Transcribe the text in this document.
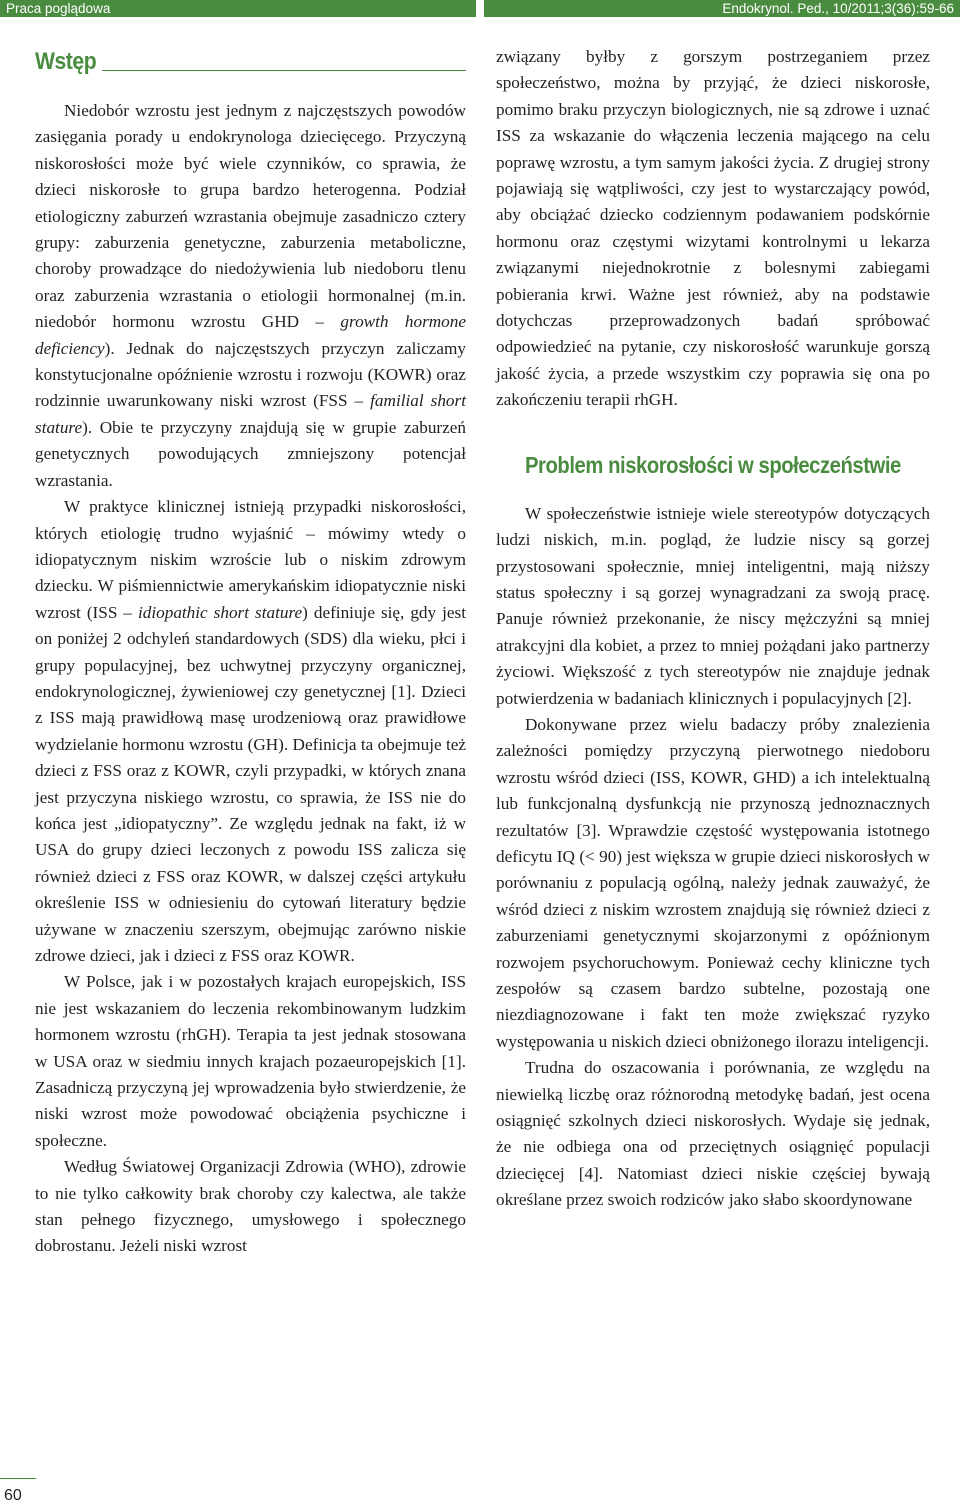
Praca poglądowa	Endokrynol. Ped., 10/2011;3(36):59-66
Wstęp

Niedobór wzrostu jest jednym z najczęstszych powodów zasięgania porady u endokrynologa dziecięcego. Przyczyną niskorosłości może być wiele czynników, co sprawia, że dzieci niskorosłe to grupa bardzo heterogenna. Podział etiologiczny zaburzeń wzrastania obejmuje zasadniczo cztery grupy: zaburzenia genetyczne, zaburzenia metaboliczne, choroby prowadzące do niedożywienia lub niedoboru tlenu oraz zaburzenia wzrastania o etiologii hormonalnej (m.in. niedobór hormonu wzrostu GHD – growth hormone deficiency). Jednak do najczęstszych przyczyn zaliczamy konstytucjonalne opóźnienie wzrostu i rozwoju (KOWR) oraz rodzinnie uwarunkowany niski wzrost (FSS – familial short stature). Obie te przyczyny znajdują się w grupie zaburzeń genetycznych powodujących zmniejszony potencjał wzrastania.

W praktyce klinicznej istnieją przypadki niskorosłości, których etiologię trudno wyjaśnić – mówimy wtedy o idiopatycznym niskim wzroście lub o niskim zdrowym dziecku. W piśmiennictwie amerykańskim idiopatycznie niski wzrost (ISS – idiopathic short stature) definiuje się, gdy jest on poniżej 2 odchyleń standardowych (SDS) dla wieku, płci i grupy populacyjnej, bez uchwytnej przyczyny organicznej, endokrynologicznej, żywieniowej czy genetycznej [1]. Dzieci z ISS mają prawidłową masę urodzeniową oraz prawidłowe wydzielanie hormonu wzrostu (GH). Definicja ta obejmuje też dzieci z FSS oraz z KOWR, czyli przypadki, w których znana jest przyczyna niskiego wzrostu, co sprawia, że ISS nie do końca jest „idiopatyczny”. Ze względu jednak na fakt, iż w USA do grupy dzieci leczonych z powodu ISS zalicza się również dzieci z FSS oraz KOWR, w dalszej części artykułu określenie ISS w odniesieniu do cytowań literatury będzie używane w znaczeniu szerszym, obejmując zarówno niskie zdrowe dzieci, jak i dzieci z FSS oraz KOWR.

W Polsce, jak i w pozostałych krajach europejskich, ISS nie jest wskazaniem do leczenia rekombinowanym ludzkim hormonem wzrostu (rhGH). Terapia ta jest jednak stosowana w USA oraz w siedmiu innych krajach pozaeuropejskich [1]. Zasadniczą przyczyną jej wprowadzenia było stwierdzenie, że niski wzrost może powodować obciążenia psychiczne i społeczne.

Według Światowej Organizacji Zdrowia (WHO), zdrowie to nie tylko całkowity brak choroby czy kalectwa, ale także stan pełnego fizycznego, umysłowego i społecznego dobrostanu. Jeżeli niski wzrost

związany byłby z gorszym postrzeganiem przez społeczeństwo, można by przyjąć, że dzieci niskorosłe, pomimo braku przyczyn biologicznych, nie są zdrowe i uznać ISS za wskazanie do włączenia leczenia mającego na celu poprawę wzrostu, a tym samym jakości życia. Z drugiej strony pojawiają się wątpliwości, czy jest to wystarczający powód, aby obciążać dziecko codziennym podawaniem podskórnie hormonu oraz częstymi wizytami kontrolnymi u lekarza związanymi niejednokrotnie z bolesnymi zabiegami pobierania krwi. Ważne jest również, aby na podstawie dotychczas przeprowadzonych badań spróbować odpowiedzieć na pytanie, czy niskorosłość warunkuje gorszą jakość życia, a przede wszystkim czy poprawia się ona po zakończeniu terapii rhGH.

Problem niskorosłości w społeczeństwie

W społeczeństwie istnieje wiele stereotypów dotyczących ludzi niskich, m.in. pogląd, że ludzie niscy są gorzej przystosowani społecznie, mniej inteligentni, mają niższy status społeczny i są gorzej wynagradzani za swoją pracę. Panuje również przekonanie, że niscy mężczyźni są mniej atrakcyjni dla kobiet, a przez to mniej pożądani jako partnerzy życiowi. Większość z tych stereotypów nie znajduje jednak potwierdzenia w badaniach klinicznych i populacyjnych [2].

Dokonywane przez wielu badaczy próby znalezienia zależności pomiędzy przyczyną pierwotnego niedoboru wzrostu wśród dzieci (ISS, KOWR, GHD) a ich intelektualną lub funkcjonalną dysfunkcją nie przynoszą jednoznacznych rezultatów [3]. Wprawdzie częstość występowania istotnego deficytu IQ (< 90) jest większa w grupie dzieci niskorosłych w porównaniu z populacją ogólną, należy jednak zauważyć, że wśród dzieci z niskim wzrostem znajdują się również dzieci z zaburzeniami genetycznymi skojarzonymi z opóźnionym rozwojem psychoruchowym. Ponieważ cechy kliniczne tych zespołów są czasem bardzo subtelne, pozostają one niezdiagnozowane i fakt ten może zwiększać ryzyko występowania u niskich dzieci obniżonego ilorazu inteligencji.

Trudna do oszacowania i porównania, ze względu na niewielką liczbę oraz różnorodną metodykę badań, jest ocena osiągnięć szkolnych dzieci niskorosłych. Wydaje się jednak, że nie odbiega ona od przeciętnych osiągnięć populacji dziecięcej [4]. Natomiast dzieci niskie częściej bywają określane przez swoich rodziców jako słabo skoordynowane

60
